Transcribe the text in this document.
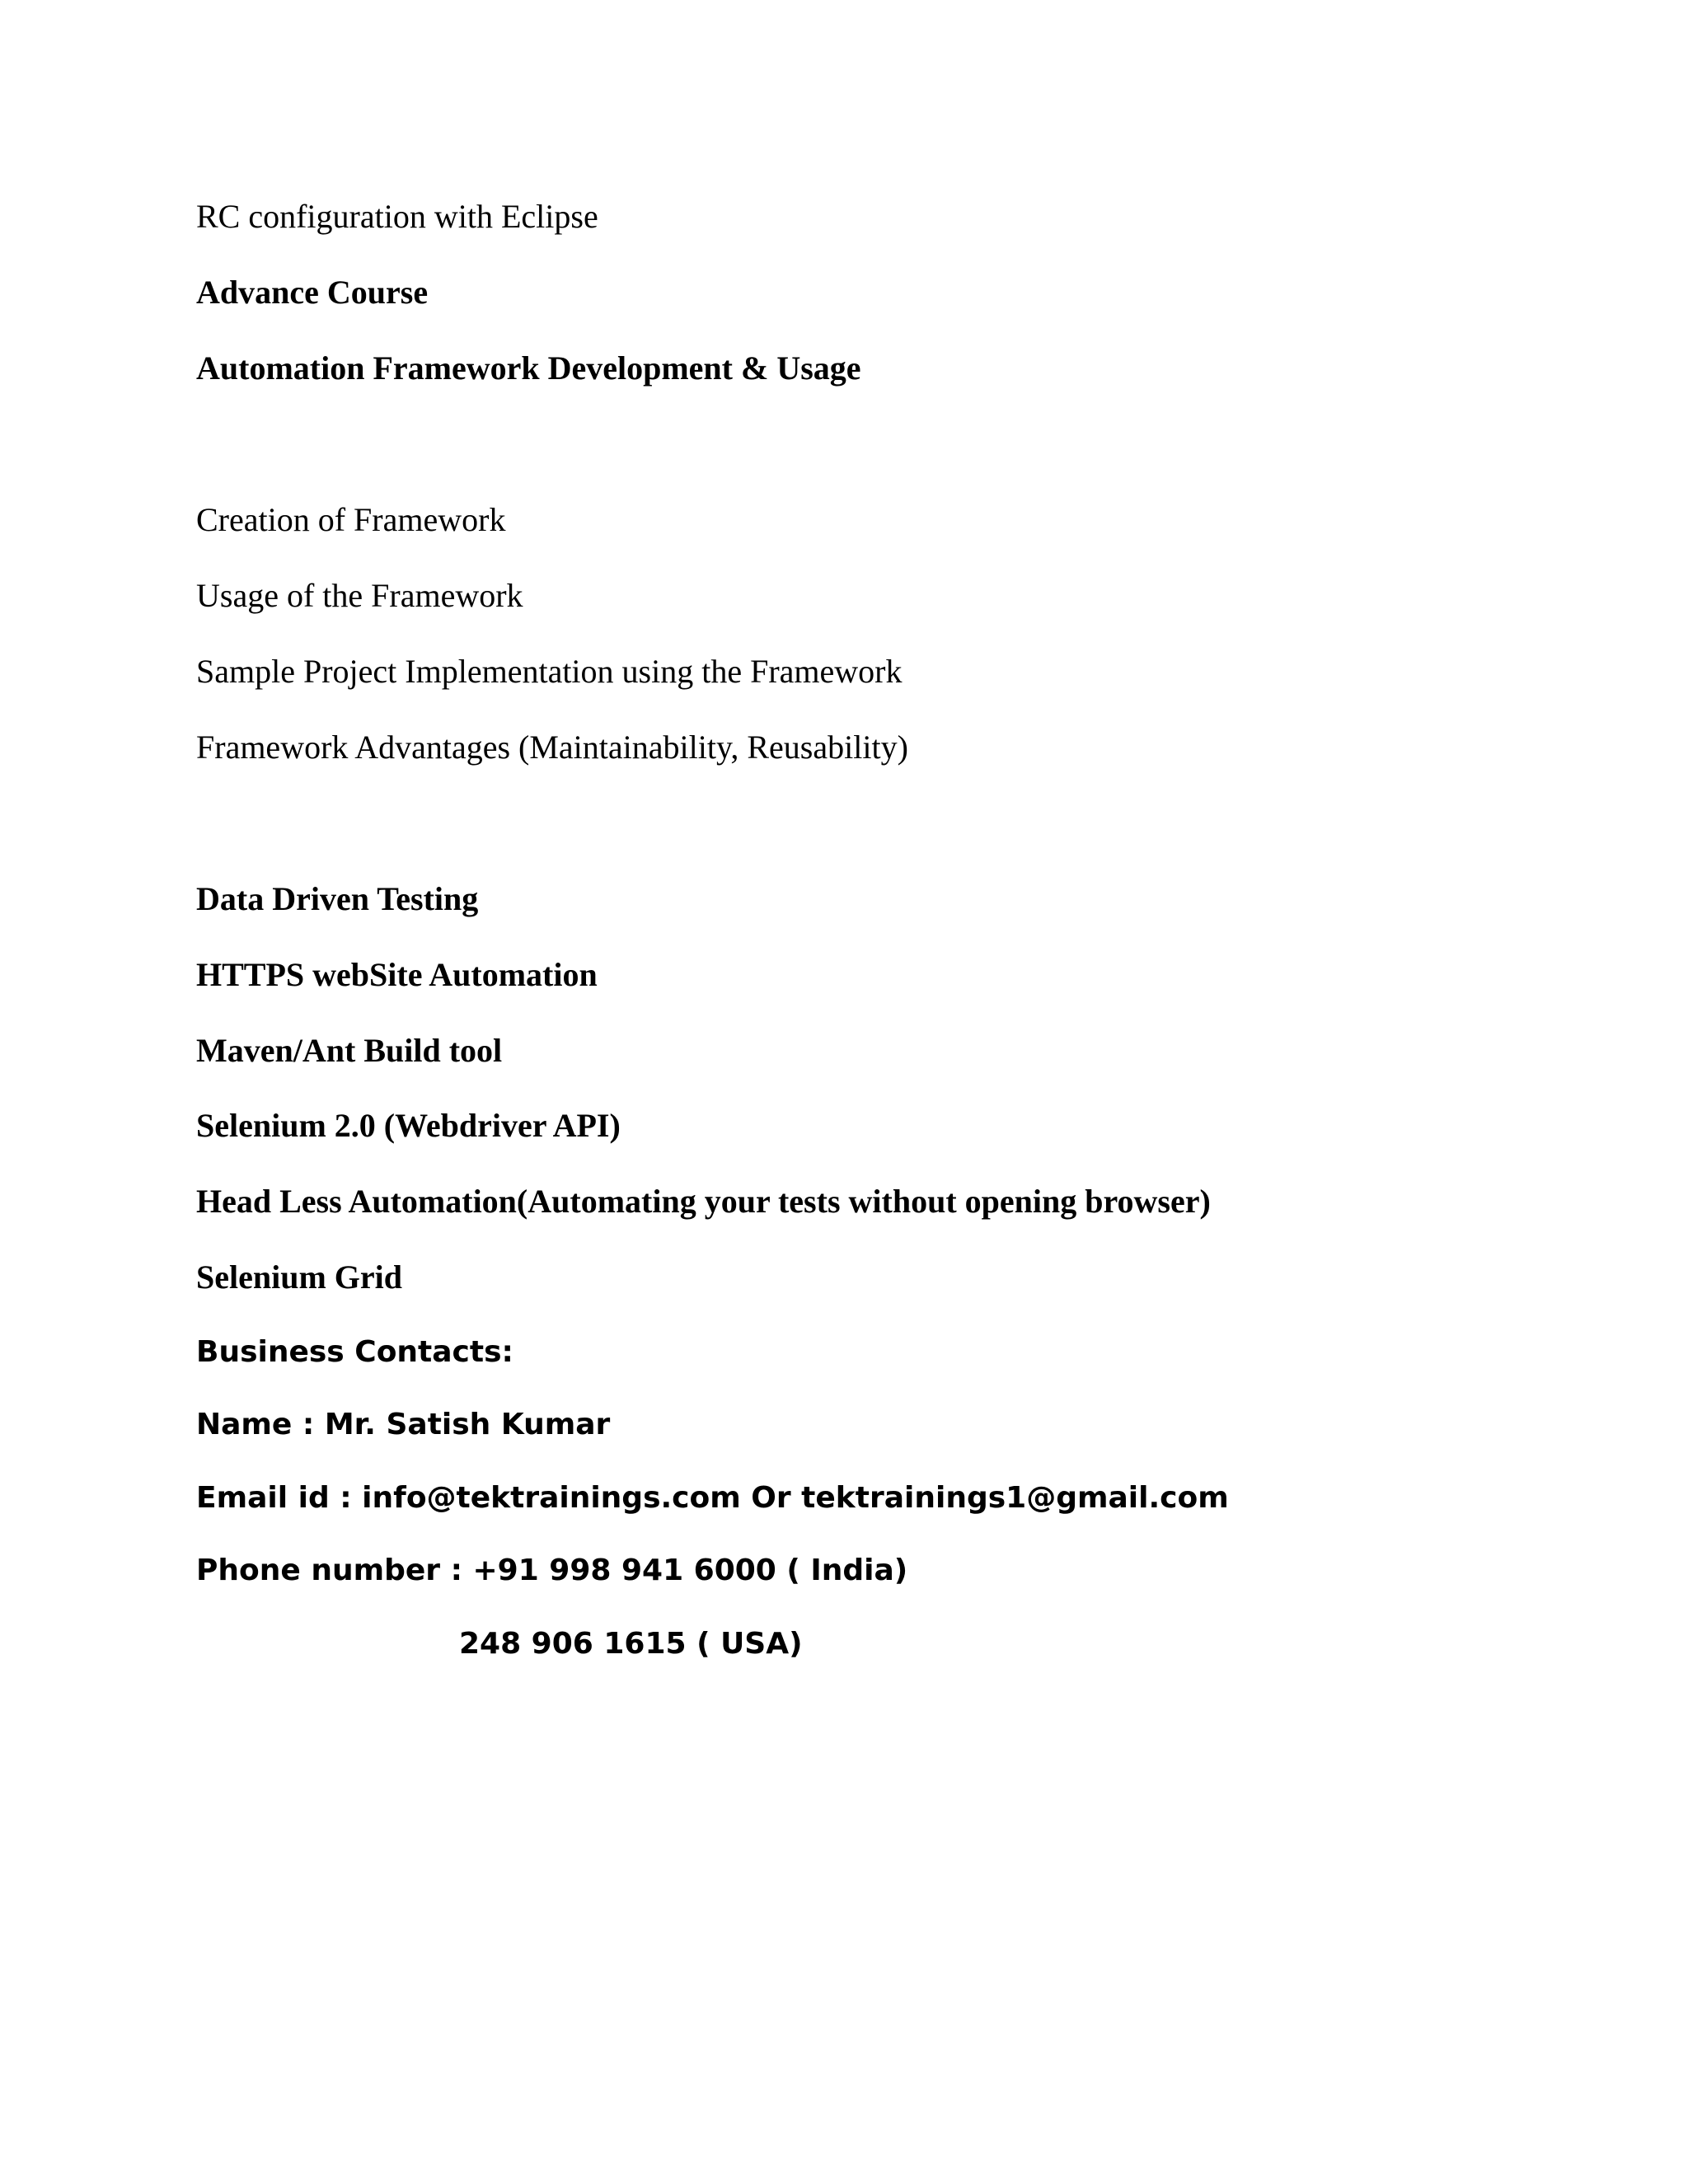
RC configuration with Eclipse

Advance Course

Automation Framework Development & Usage

Creation of Framework

Usage of the Framework

Sample Project Implementation using the Framework

Framework Advantages (Maintainability, Reusability)

Data Driven Testing

HTTPS webSite Automation

Maven/Ant Build tool

Selenium 2.0 (Webdriver API)

Head Less Automation(Automating your tests without opening browser)

Selenium Grid

Business Contacts:

Name : Mr. Satish Kumar

Email id : info@tektrainings.com Or tektrainings1@gmail.com

Phone number : +91 998 941 6000 ( India)

248 906 1615 ( USA)
